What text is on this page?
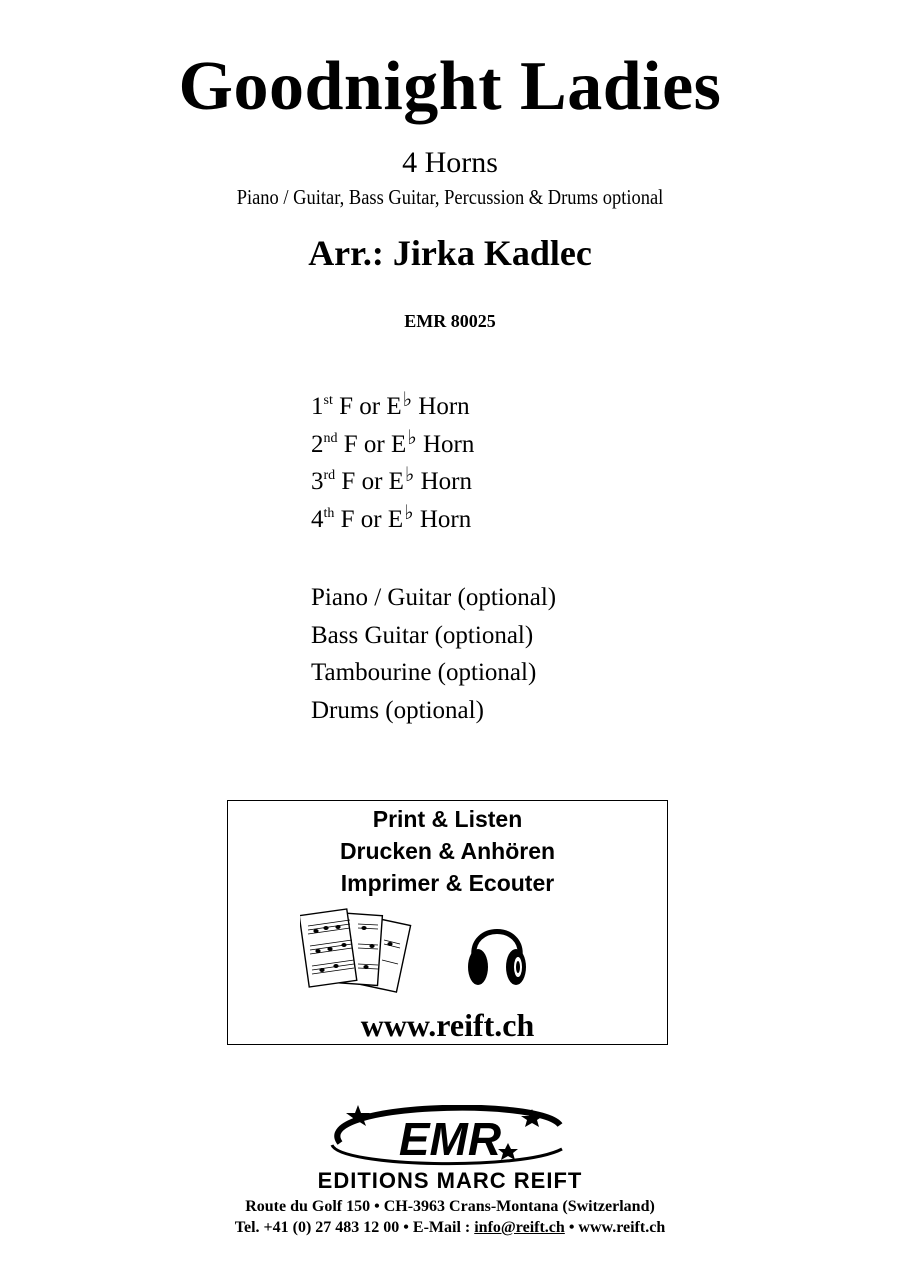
Goodnight Ladies
4 Horns
Piano / Guitar, Bass Guitar, Percussion & Drums optional
Arr.: Jirka Kadlec
EMR 80025
1st F or E♭ Horn
2nd F or E♭ Horn
3rd F or E♭ Horn
4th F or E♭ Horn
Piano / Guitar (optional)
Bass Guitar (optional)
Tambourine (optional)
Drums (optional)
Print & Listen
Drucken & Anhören
Imprimer & Ecouter
www.reift.ch
EMR
EDITIONS MARC REIFT
Route du Golf 150 • CH-3963 Crans-Montana (Switzerland)
Tel. +41 (0) 27 483 12 00 • E-Mail : info@reift.ch • www.reift.ch
